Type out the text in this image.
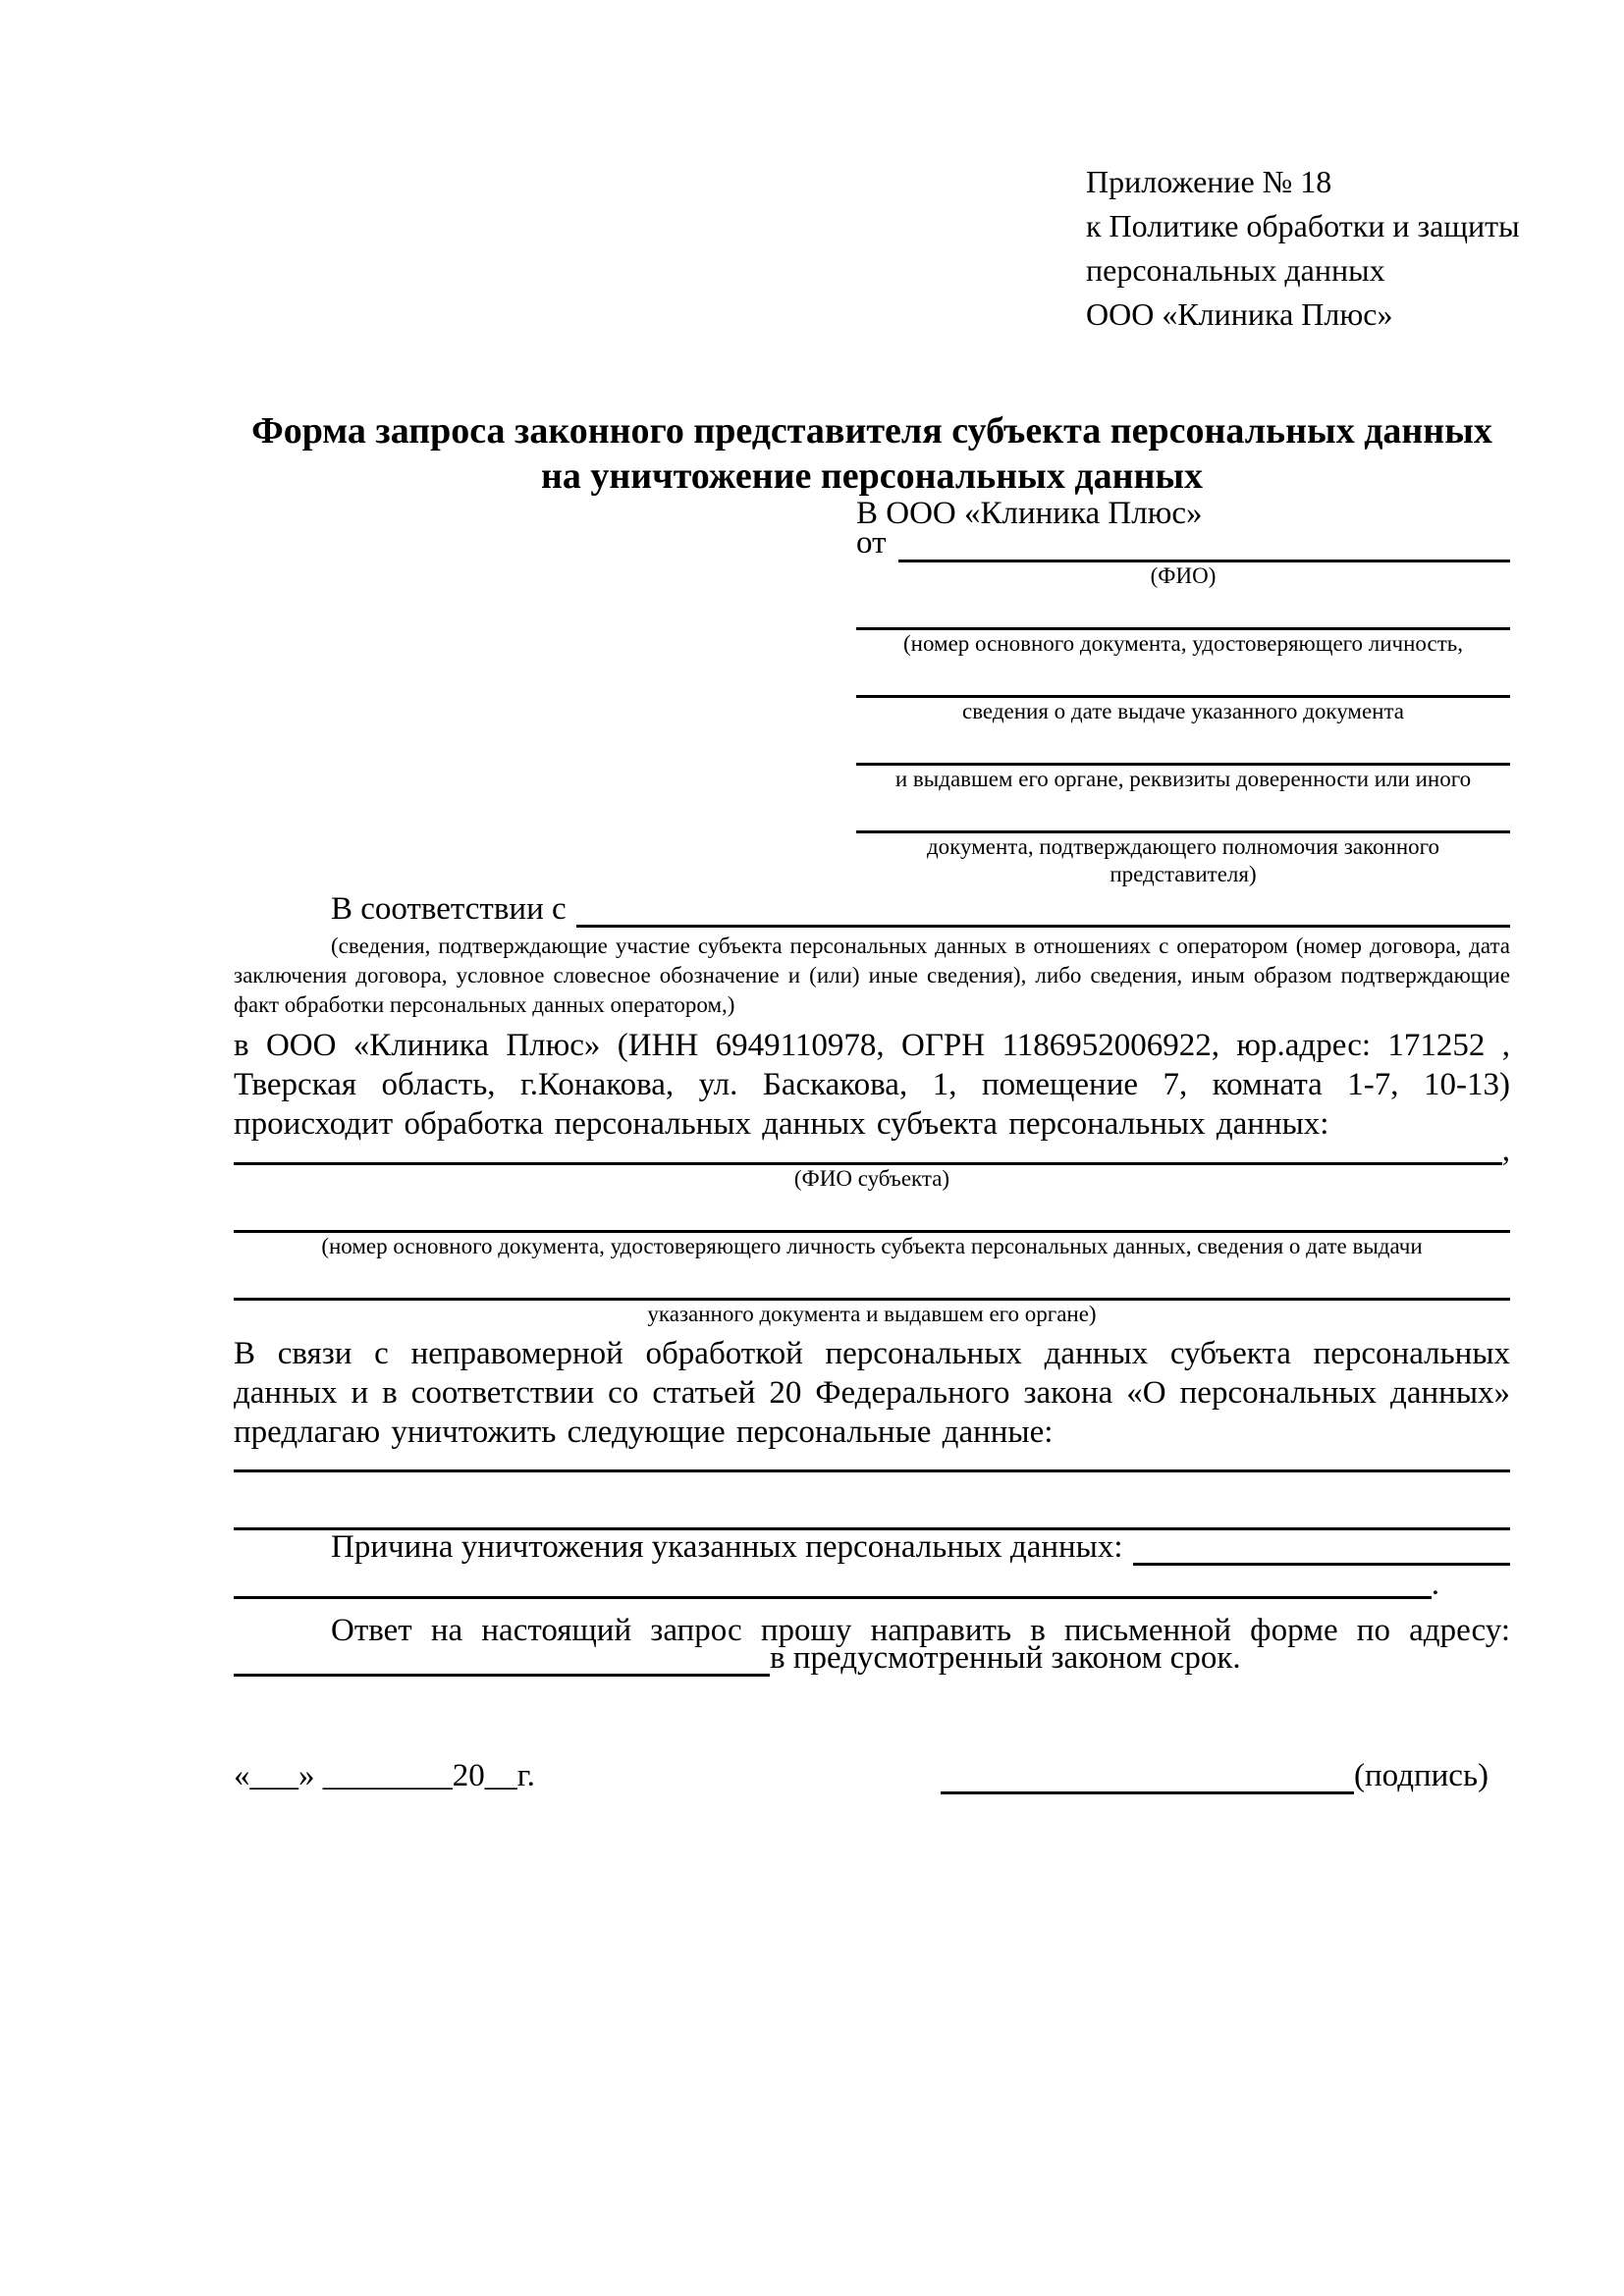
Приложение № 18
к Политике обработки и защиты
персональных данных
ООО «Клиника Плюс»
Форма запроса законного представителя субъекта персональных данных
на уничтожение персональных данных
В ООО «Клиника Плюс»
от
(ФИО)
(номер основного документа, удостоверяющего личность,
сведения о дате выдаче указанного документа
и выдавшем его органе, реквизиты доверенности или иного
документа, подтверждающего полномочия законного представителя)
В соответствии с
(сведения, подтверждающие участие субъекта персональных данных в отношениях с оператором (номер договора, дата заключения договора, условное словесное обозначение и (или) иные сведения), либо сведения, иным образом подтверждающие факт обработки персональных данных оператором,)

в ООО «Клиника Плюс» (ИНН 6949110978, ОГРН 1186952006922, юр.адрес: 171252 , Тверская область, г.Конакова, ул. Баскакова, 1, помещение 7, комната 1-7, 10-13) происходит обработка персональных данных субъекта персональных данных:

,
(ФИО субъекта)
(номер основного документа, удостоверяющего личность субъекта персональных данных, сведения о дате выдачи
указанного документа и выдавшем его органе)

В связи с неправомерной обработкой персональных данных субъекта персональных данных и в соответствии со статьей 20 Федерального закона «О персональных данных» предлагаю уничтожить следующие персональные данные:

Причина уничтожения указанных персональных данных:
.

Ответ на настоящий запрос прошу направить в письменной форме по адресу:

в предусмотренный законом срок.
«___» ________20__г.	(подпись)
